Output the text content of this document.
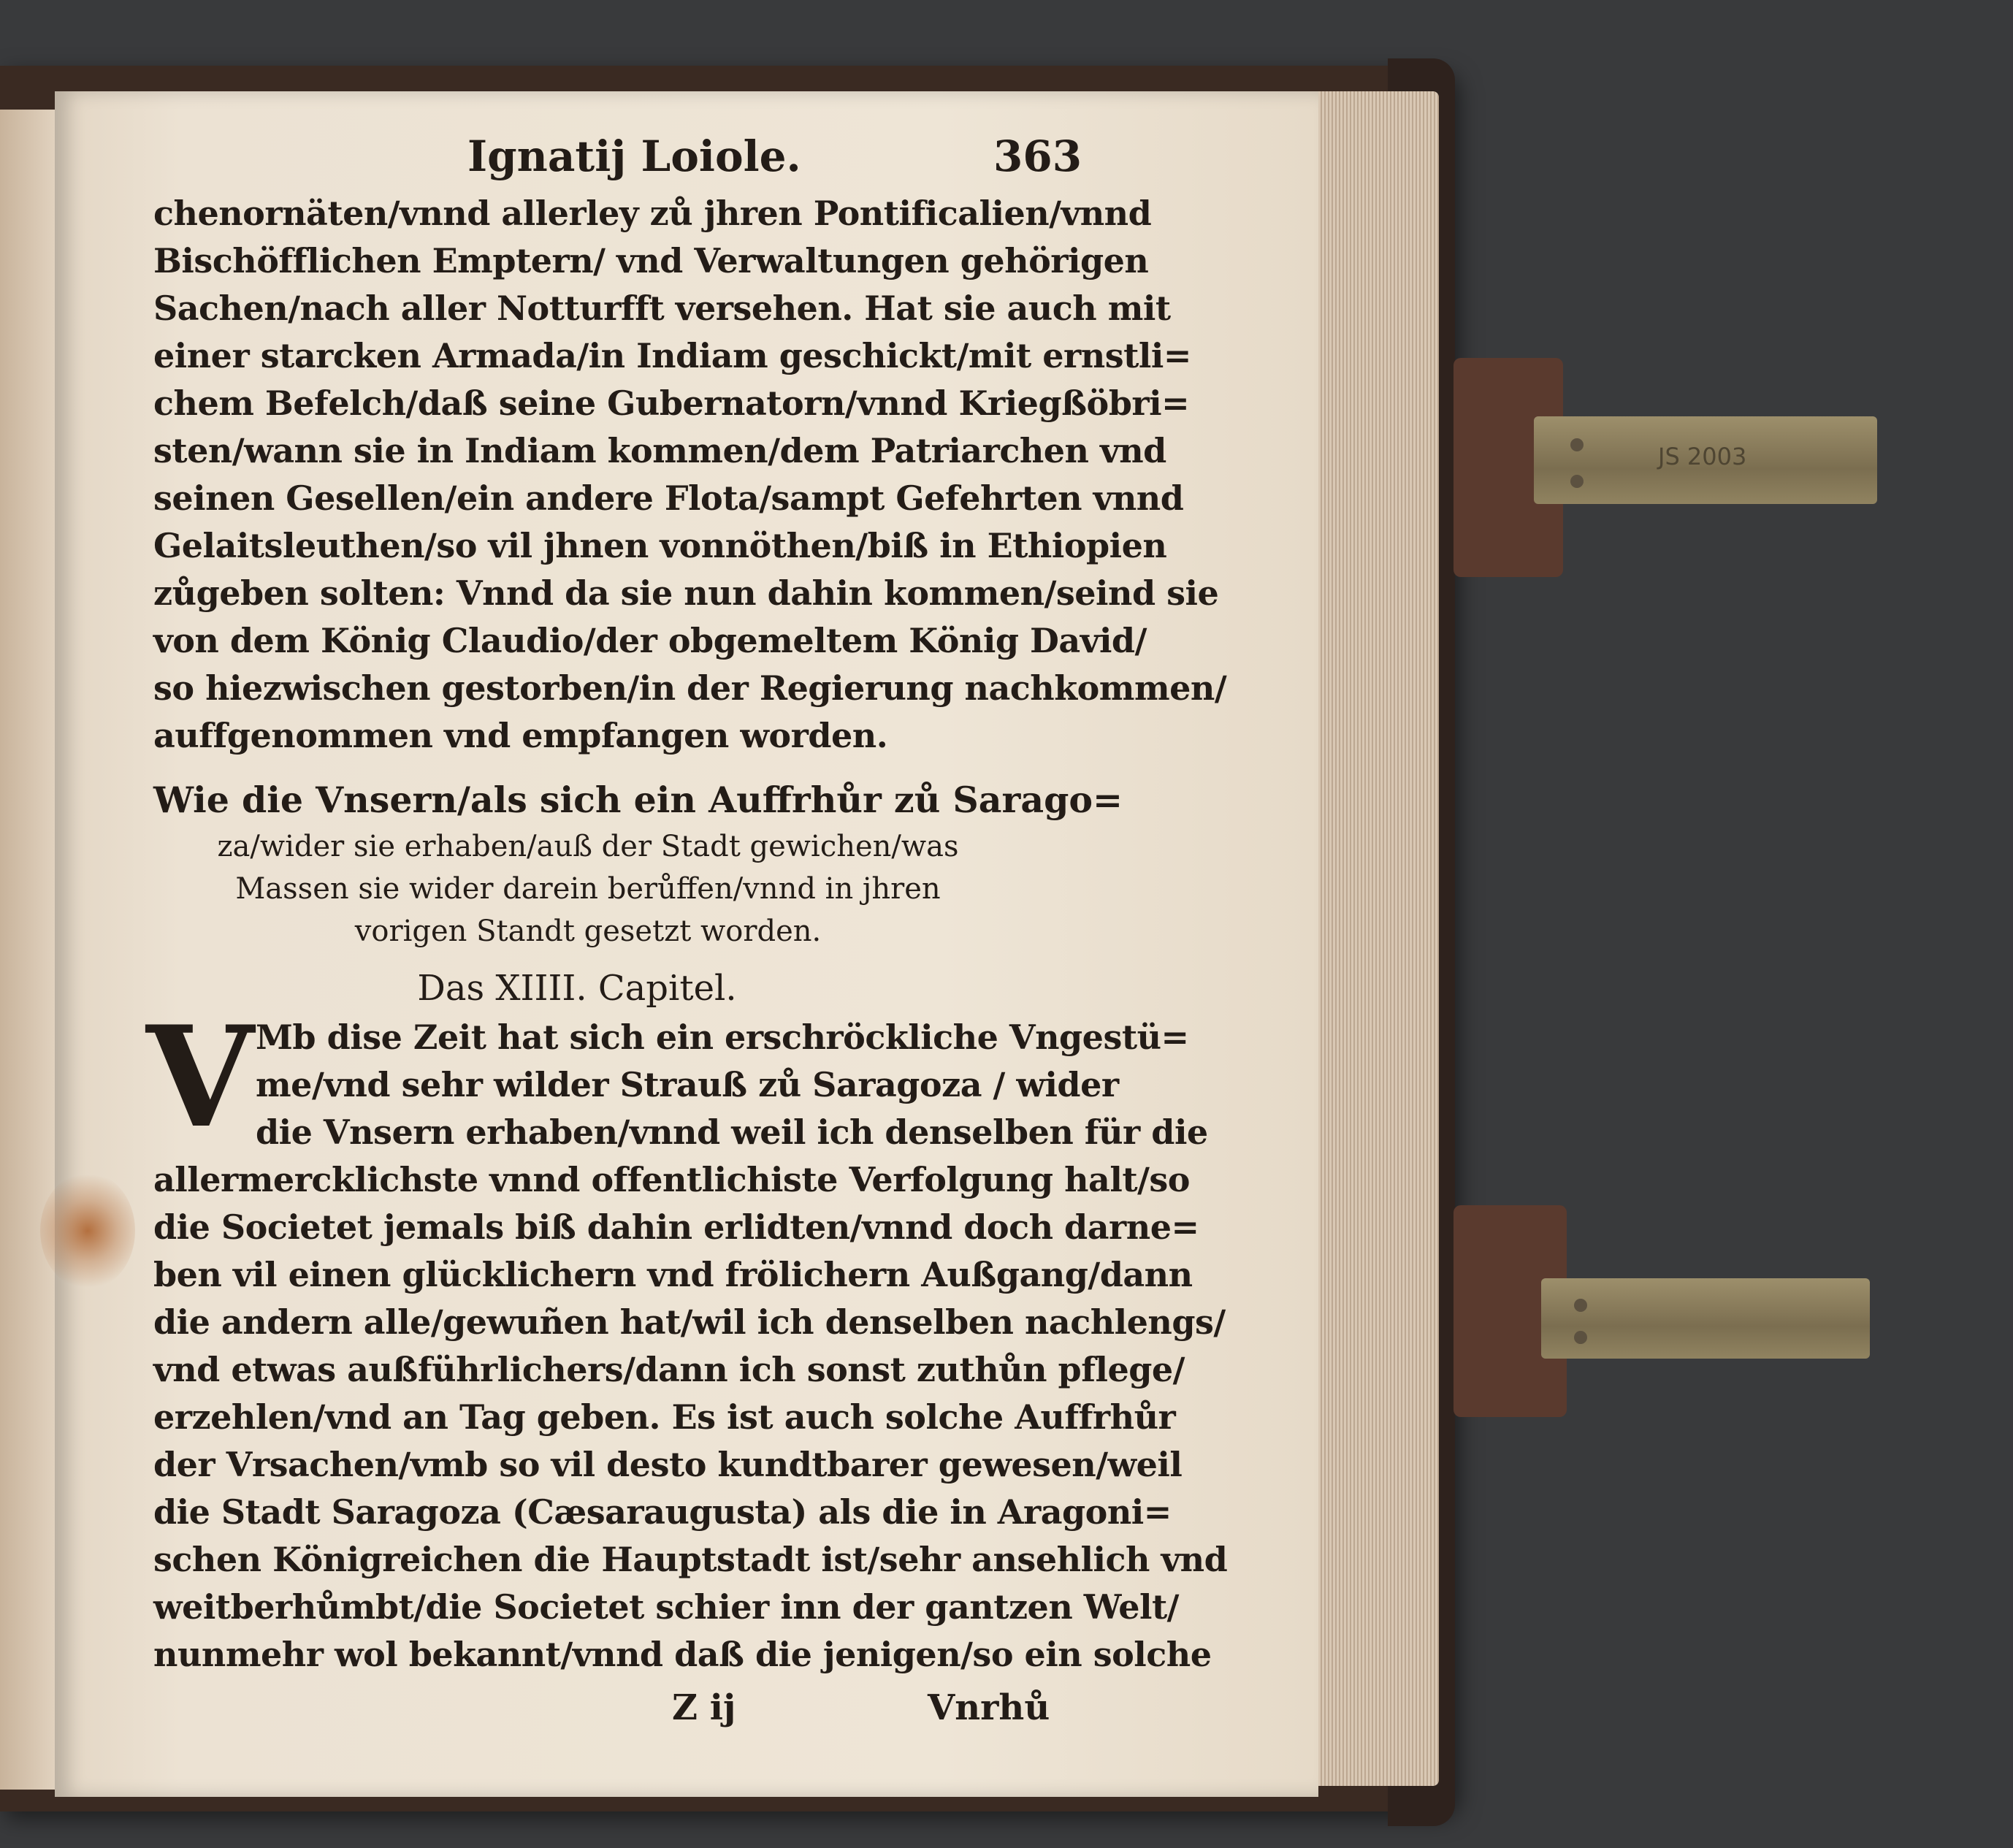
JS 2003
Ignatij Loiole.	363
chenornäten/vnnd allerley zů jhren Pontificalien/vnnd
Bischöfflichen Emptern/ vnd Verwaltungen gehörigen
Sachen/nach aller Notturfft versehen. Hat sie auch mit
einer starcken Armada/in Indiam geschickt/mit ernstli=
chem Befelch/daß seine Gubernatorn/vnnd Kriegßöbri=
sten/wann sie in Indiam kommen/dem Patriarchen vnd
seinen Gesellen/ein andere Flota/sampt Gefehrten vnnd
Gelaitsleuthen/so vil jhnen vonnöthen/biß in Ethiopien
zůgeben solten: Vnnd da sie nun dahin kommen/seind sie
von dem König Claudio/der obgemeltem König David/
so hiezwischen gestorben/in der Regierung nachkommen/
auffgenommen vnd empfangen worden.
Wie die Vnsern/als sich ein Auffrhůr zů Sarago=
za/wider sie erhaben/auß der Stadt gewichen/was
Massen sie wider darein berůffen/vnnd in jhren
vorigen Standt gesetzt worden.
Das XIIII. Capitel.
V Mb dise Zeit hat sich ein erschröckliche Vngestü=
me/vnd sehr wilder Strauß zů Saragoza / wider
die Vnsern erhaben/vnnd weil ich denselben für die
allermercklichste vnnd offentlichiste Verfolgung halt/so
die Societet jemals biß dahin erlidten/vnnd doch darne=
ben vil einen glücklichern vnd frölichern Außgang/dann
die andern alle/gewuñen hat/wil ich denselben nachlengs/
vnd etwas außführlichers/dann ich sonst zuthůn pflege/
erzehlen/vnd an Tag geben. Es ist auch solche Auffrhůr
der Vrsachen/vmb so vil desto kundtbarer gewesen/weil
die Stadt Saragoza (Cæsaraugusta) als die in Aragoni=
schen Königreichen die Hauptstadt ist/sehr ansehlich vnd
weitberhůmbt/die Societet schier inn der gantzen Welt/
nunmehr wol bekannt/vnnd daß die jenigen/so ein solche
Z ij	Vnrhů
